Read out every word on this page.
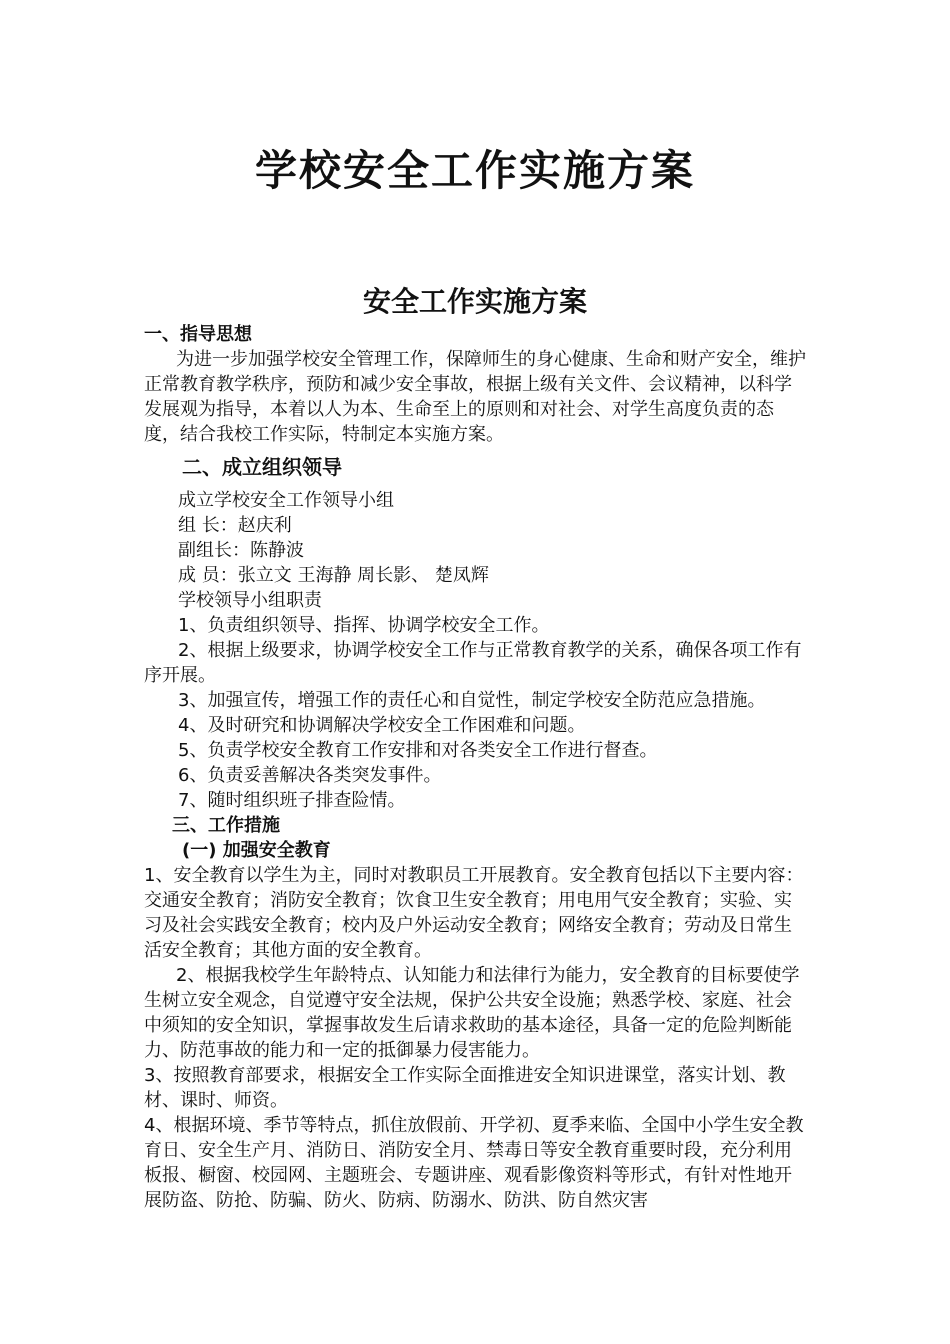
学校安全工作实施方案
安全工作实施方案

一、指导思想

为进一步加强学校安全管理工作，保障师生的身心健康、生命和财产安全，维护正常教育教学秩序，预防和减少安全事故，根据上级有关文件、会议精神，以科学发展观为指导，本着以人为本、生命至上的原则和对社会、对学生高度负责的态度，结合我校工作实际，特制定本实施方案。

二、成立组织领导

成立学校安全工作领导小组

组 长：赵庆利

副组长：陈静波

成 员：张立文 王海静 周长影、 楚凤辉

学校领导小组职责

1、负责组织领导、指挥、协调学校安全工作。

2、根据上级要求，协调学校安全工作与正常教育教学的关系，确保各项工作有序开展。

3、加强宣传，增强工作的责任心和自觉性，制定学校安全防范应急措施。

4、及时研究和协调解决学校安全工作困难和问题。

5、负责学校安全教育工作安排和对各类安全工作进行督查。

6、负责妥善解决各类突发事件。

7、随时组织班子排查险情。

三、工作措施

(一) 加强安全教育

1、安全教育以学生为主，同时对教职员工开展教育。安全教育包括以下主要内容：交通安全教育；消防安全教育；饮食卫生安全教育；用电用气安全教育；实验、实习及社会实践安全教育；校内及户外运动安全教育；网络安全教育；劳动及日常生活安全教育；其他方面的安全教育。

2、根据我校学生年龄特点、认知能力和法律行为能力，安全教育的目标要使学生树立安全观念，自觉遵守安全法规，保护公共安全设施；熟悉学校、家庭、社会中须知的安全知识，掌握事故发生后请求救助的基本途径，具备一定的危险判断能力、防范事故的能力和一定的抵御暴力侵害能力。

3、按照教育部要求，根据安全工作实际全面推进安全知识进课堂，落实计划、教材、课时、师资。

4、根据环境、季节等特点，抓住放假前、开学初、夏季来临、全国中小学生安全教育日、安全生产月、消防日、消防安全月、禁毒日等安全教育重要时段，充分利用板报、橱窗、校园网、主题班会、专题讲座、观看影像资料等形式，有针对性地开展防盗、防抢、防骗、防火、防病、防溺水、防洪、防自然灾害
